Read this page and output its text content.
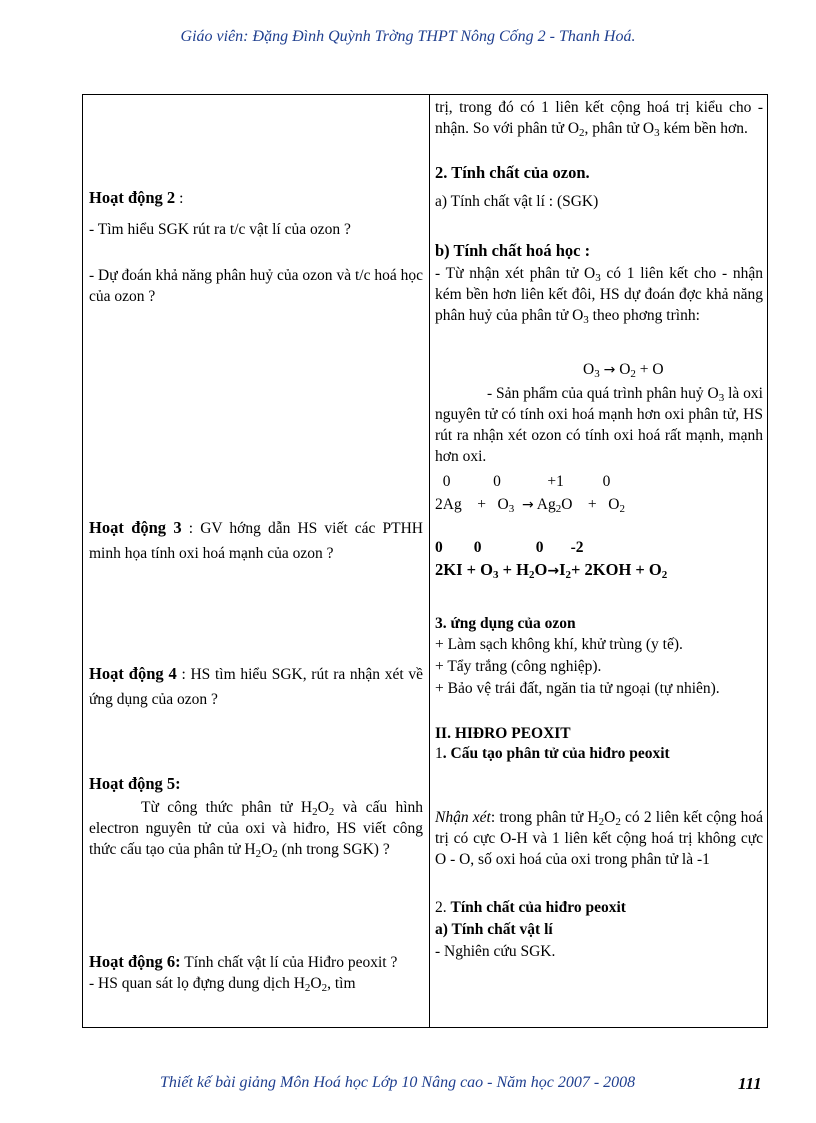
Giáo viên: Đặng Đình Quỳnh Trờng THPT Nông Cống 2 - Thanh Hoá.
Hoạt động 2 :
- Tìm hiểu SGK rút ra t/c vật lí của ozon ?
- Dự đoán khả năng phân huỷ của ozon và t/c hoá học của ozon ?
Hoạt động 3 : GV hớng dẫn HS viết các PTHH minh họa tính oxi hoá mạnh của ozon ?
Hoạt động 4 : HS tìm hiểu SGK, rút ra nhận xét về ứng dụng của ozon ?
Hoạt động 5:
Từ công thức phân tử $H_2O_2$ và cấu hình electron nguyên tử của oxi và hiđro, HS viết công thức cấu tạo của phân tử $H_2O_2$ (nh trong SGK) ?
Hoạt động 6: Tính chất vật lí của Hiđro peoxit ?
- HS quan sát lọ đựng dung dịch $H_2O_2$, tìm
trị, trong đó có 1 liên kết cộng hoá trị kiểu cho - nhận. So với phân tử $O_2$, phân tử $O_3$ kém bền hơn.
2. Tính chất của ozon.
a) Tính chất vật lí : (SGK)
b) Tính chất hoá học :
- Từ nhận xét phân tử $O_3$ có 1 liên kết cho - nhận kém bền hơn liên kết đôi, HS dự đoán đợc khả năng phân huỷ của phân tử $O_3$ theo phơng trình:
$O_3 \to O_2 + O$
- Sản phẩm của quá trình phân huỷ $O_3$ là oxi nguyên tử có tính oxi hoá mạnh hơn oxi phân tử, HS rút ra nhận xét ozon có tính oxi hoá rất mạnh, mạnh hơn oxi.
0           0            +1          0
2Ag    +   $O_3 \to Ag_2O$    +   $O_2$
0        0              0       -2
$2KI + O_3 + H_2O\to I_2+ 2KOH + O_2$
3. ứng dụng của ozon
+ Làm sạch không khí, khử trùng (y tế).
+ Tẩy trắng (công nghiệp).
+ Bảo vệ trái đất, ngăn tia tử ngoại (tự nhiên).
II. HIĐRO PEOXIT
1. Cấu tạo phân tử của hiđro peoxit
Nhận xét: trong phân tử $H_2O_2$ có 2 liên kết cộng hoá trị có cực O-H và 1 liên kết cộng hoá trị không cực O - O, số oxi hoá của oxi trong phân tử là -1
2. Tính chất của hiđro peoxit
a) Tính chất vật lí
- Nghiên cứu SGK.
Thiết kế bài giảng Môn Hoá học Lớp 10 Nâng cao - Năm học 2007 - 2008	111
